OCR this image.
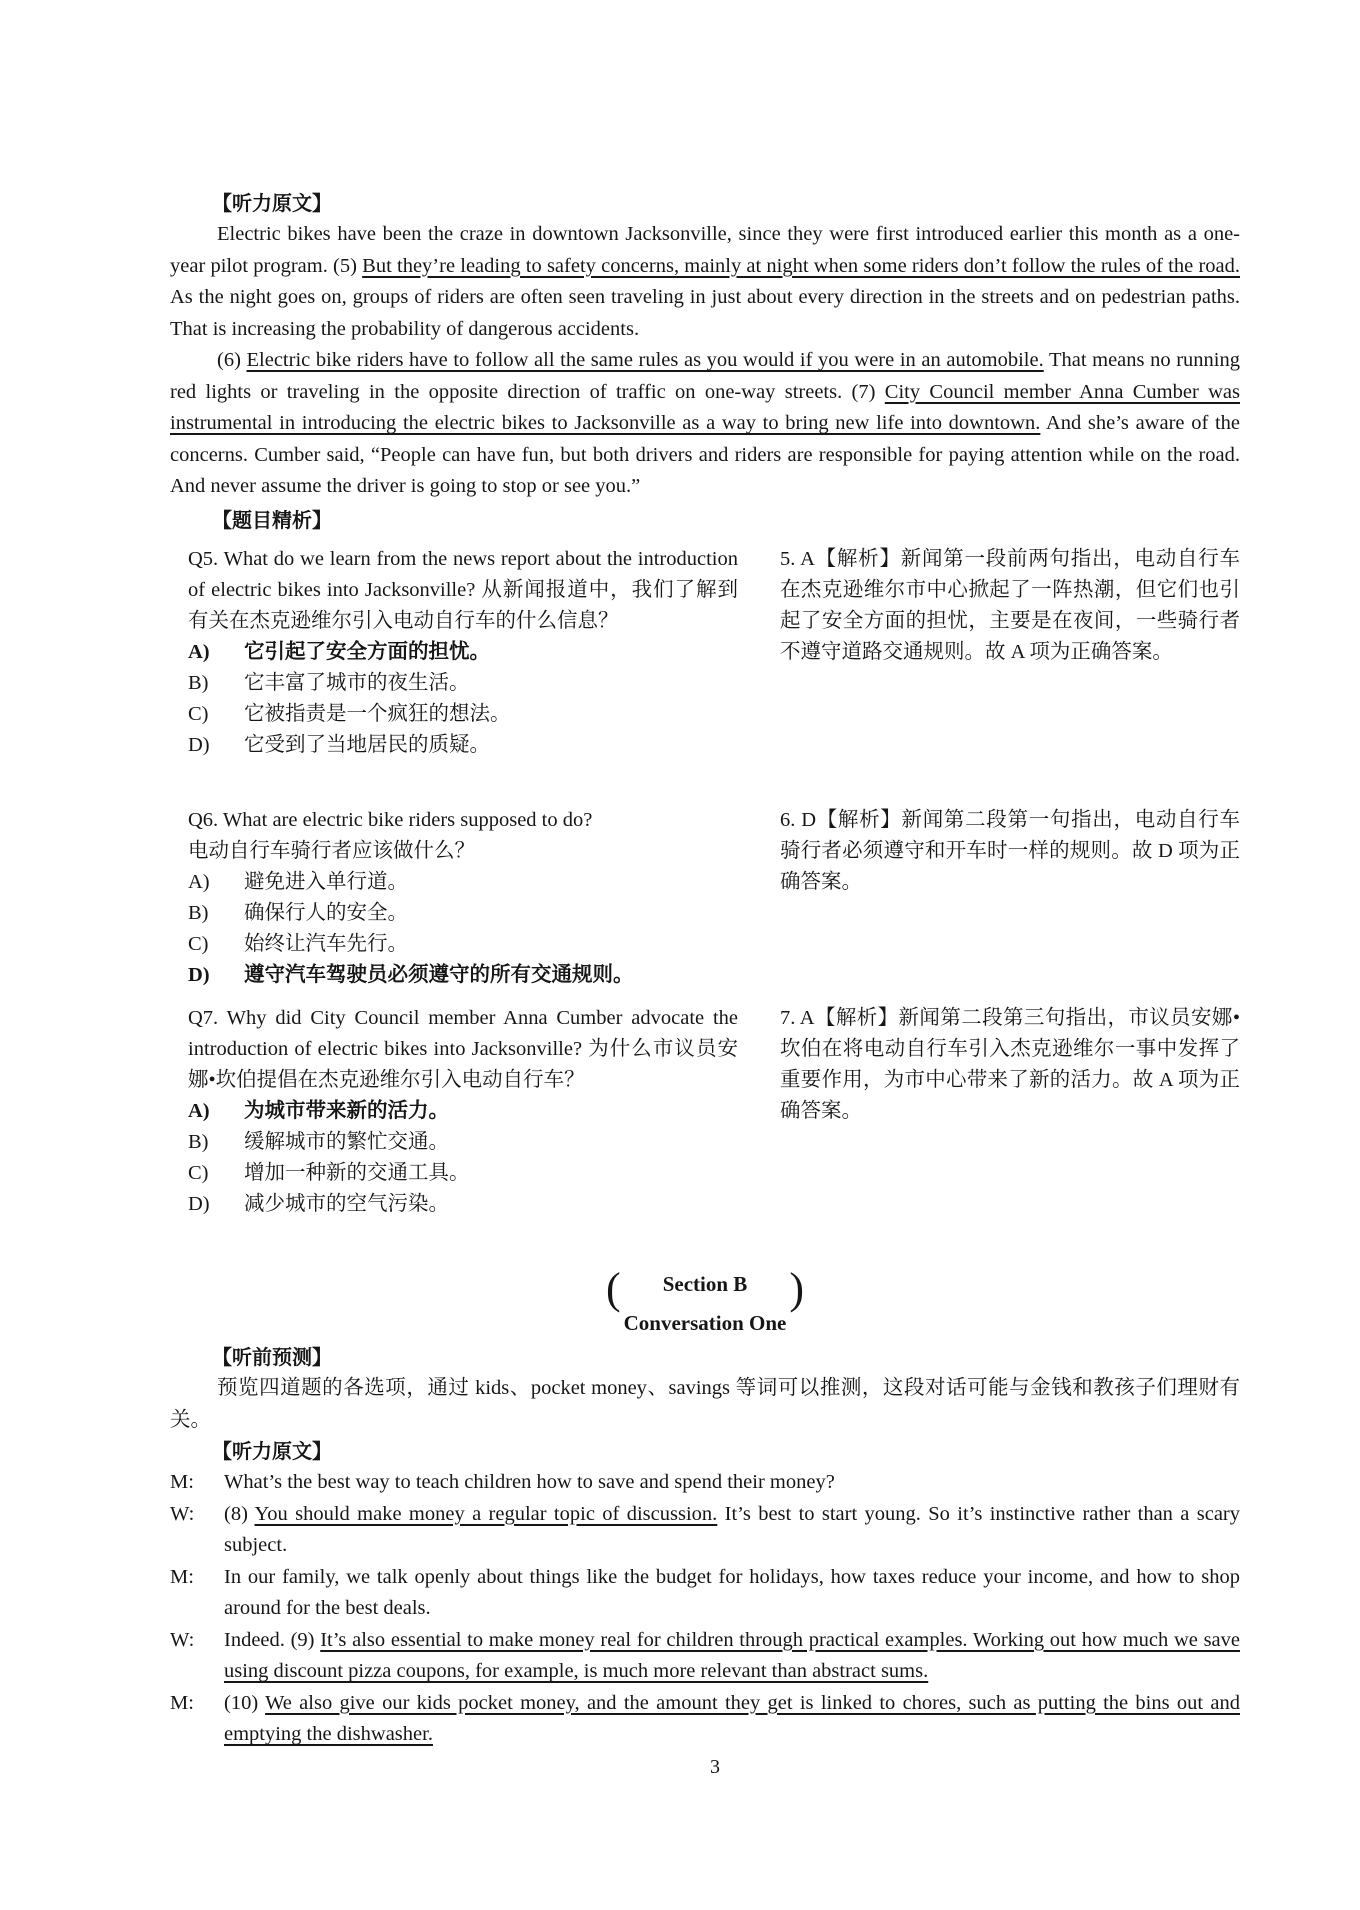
【听力原文】

Electric bikes have been the craze in downtown Jacksonville, since they were first introduced earlier this month as a one-year pilot program. (5) But they’re leading to safety concerns, mainly at night when some riders don’t follow the rules of the road. As the night goes on, groups of riders are often seen traveling in just about every direction in the streets and on pedestrian paths. That is increasing the probability of dangerous accidents.

(6) Electric bike riders have to follow all the same rules as you would if you were in an automobile. That means no running red lights or traveling in the opposite direction of traffic on one-way streets. (7) City Council member Anna Cumber was instrumental in introducing the electric bikes to Jacksonville as a way to bring new life into downtown. And she’s aware of the concerns. Cumber said, “People can have fun, but both drivers and riders are responsible for paying attention while on the road. And never assume the driver is going to stop or see you.”

【题目精析】

Q5. What do we learn from the news report about the introduction of electric bikes into Jacksonville? 从新闻报道中，我们了解到有关在杰克逊维尔引入电动自行车的什么信息？

A)	它引起了安全方面的担忧。
B)	它丰富了城市的夜生活。
C)	它被指责是一个疯狂的想法。
D)	它受到了当地居民的质疑。
5. A【解析】新闻第一段前两句指出，电动自行车在杰克逊维尔市中心掀起了一阵热潮，但它们也引起了安全方面的担忧，主要是在夜间，一些骑行者不遵守道路交通规则。故 A 项为正确答案。

Q6. What are electric bike riders supposed to do?
电动自行车骑行者应该做什么？

A)	避免进入单行道。
B)	确保行人的安全。
C)	始终让汽车先行。
D)	遵守汽车驾驶员必须遵守的所有交通规则。
6. D【解析】新闻第二段第一句指出，电动自行车骑行者必须遵守和开车时一样的规则。故 D 项为正确答案。

Q7. Why did City Council member Anna Cumber advocate the introduction of electric bikes into Jacksonville? 为什么市议员安娜•坎伯提倡在杰克逊维尔引入电动自行车？

A)	为城市带来新的活力。
B)	缓解城市的繁忙交通。
C)	增加一种新的交通工具。
D)	减少城市的空气污染。
7. A【解析】新闻第二段第三句指出，市议员安娜•坎伯在将电动自行车引入杰克逊维尔一事中发挥了重要作用，为市中心带来了新的活力。故 A 项为正确答案。
(	Section B )
Conversation One
【听前预测】

预览四道题的各选项，通过 kids、pocket money、savings 等词可以推测，这段对话可能与金钱和教孩子们理财有关。

【听力原文】
M:	What’s the best way to teach children how to save and spend their money?
W:	(8) You should make money a regular topic of discussion. It’s best to start young. So it’s instinctive rather than a scary subject.
M:	In our family, we talk openly about things like the budget for holidays, how taxes reduce your income, and how to shop around for the best deals.
W:	Indeed. (9) It’s also essential to make money real for children through practical examples. Working out how much we save using discount pizza coupons, for example, is much more relevant than abstract sums.
M:	(10) We also give our kids pocket money, and the amount they get is linked to chores, such as putting the bins out and emptying the dishwasher.
3
